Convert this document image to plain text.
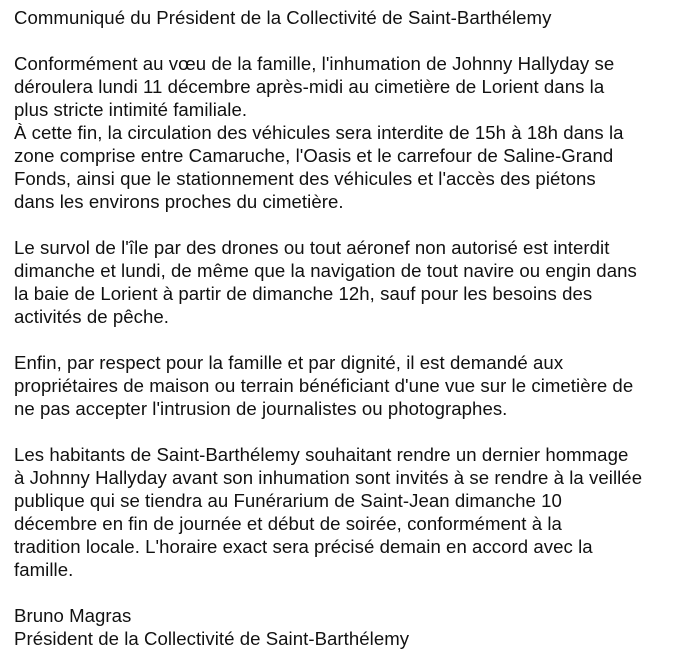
Communiqué du Président de la Collectivité de Saint-Barthélemy
Conformément au vœu de la famille, l'inhumation de Johnny Hallyday se
déroulera lundi 11 décembre après-midi au cimetière de Lorient dans la
plus stricte intimité familiale.
À cette fin, la circulation des véhicules sera interdite de 15h à 18h dans la
zone comprise entre Camaruche, l'Oasis et le carrefour de Saline-Grand
Fonds, ainsi que le stationnement des véhicules et l'accès des piétons
dans les environs proches du cimetière.
Le survol de l'île par des drones ou tout aéronef non autorisé est interdit
dimanche et lundi, de même que la navigation de tout navire ou engin dans
la baie de Lorient à partir de dimanche 12h, sauf pour les besoins des
activités de pêche.
Enfin, par respect pour la famille et par dignité, il est demandé aux
propriétaires de maison ou terrain bénéficiant d'une vue sur le cimetière de
ne pas accepter l'intrusion de journalistes ou photographes.
Les habitants de Saint-Barthélemy souhaitant rendre un dernier hommage
à Johnny Hallyday avant son inhumation sont invités à se rendre à la veillée
publique qui se tiendra au Funérarium de Saint-Jean dimanche 10
décembre en fin de journée et début de soirée, conformément à la
tradition locale. L'horaire exact sera précisé demain en accord avec la
famille.
Bruno Magras
Président de la Collectivité de Saint-Barthélemy
